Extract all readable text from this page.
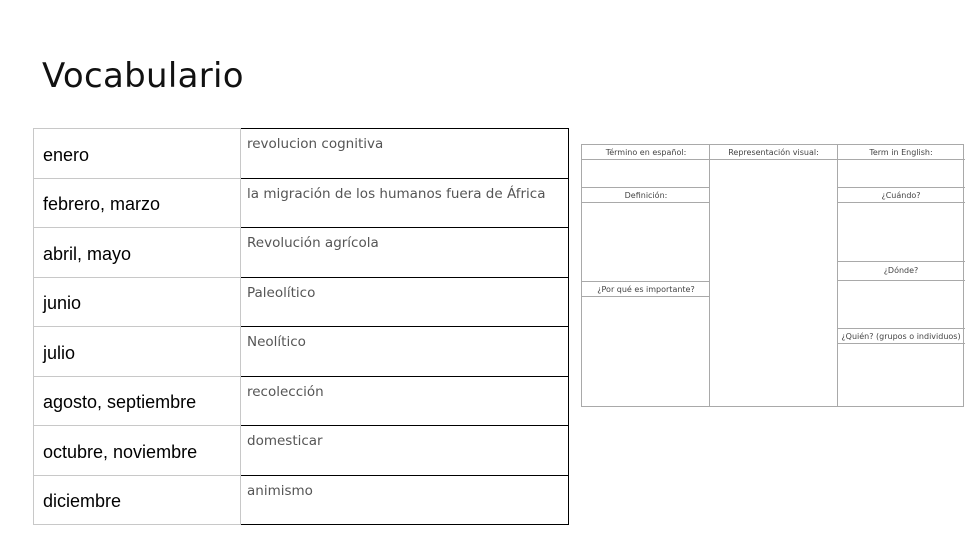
Vocabulario
enero	revolucion cognitiva
febrero, marzo	la migración de los humanos fuera de África
abril, mayo	Revolución agrícola
junio	Paleolítico
julio	Neolítico
agosto, septiembre	recolección
octubre, noviembre	domesticar
diciembre	animismo
Término en español:
Definición:
¿Por qué es importante?
Representación visual:	Term in English:
¿Cuándo?
¿Dónde?
¿Quién? (grupos o individuos)
